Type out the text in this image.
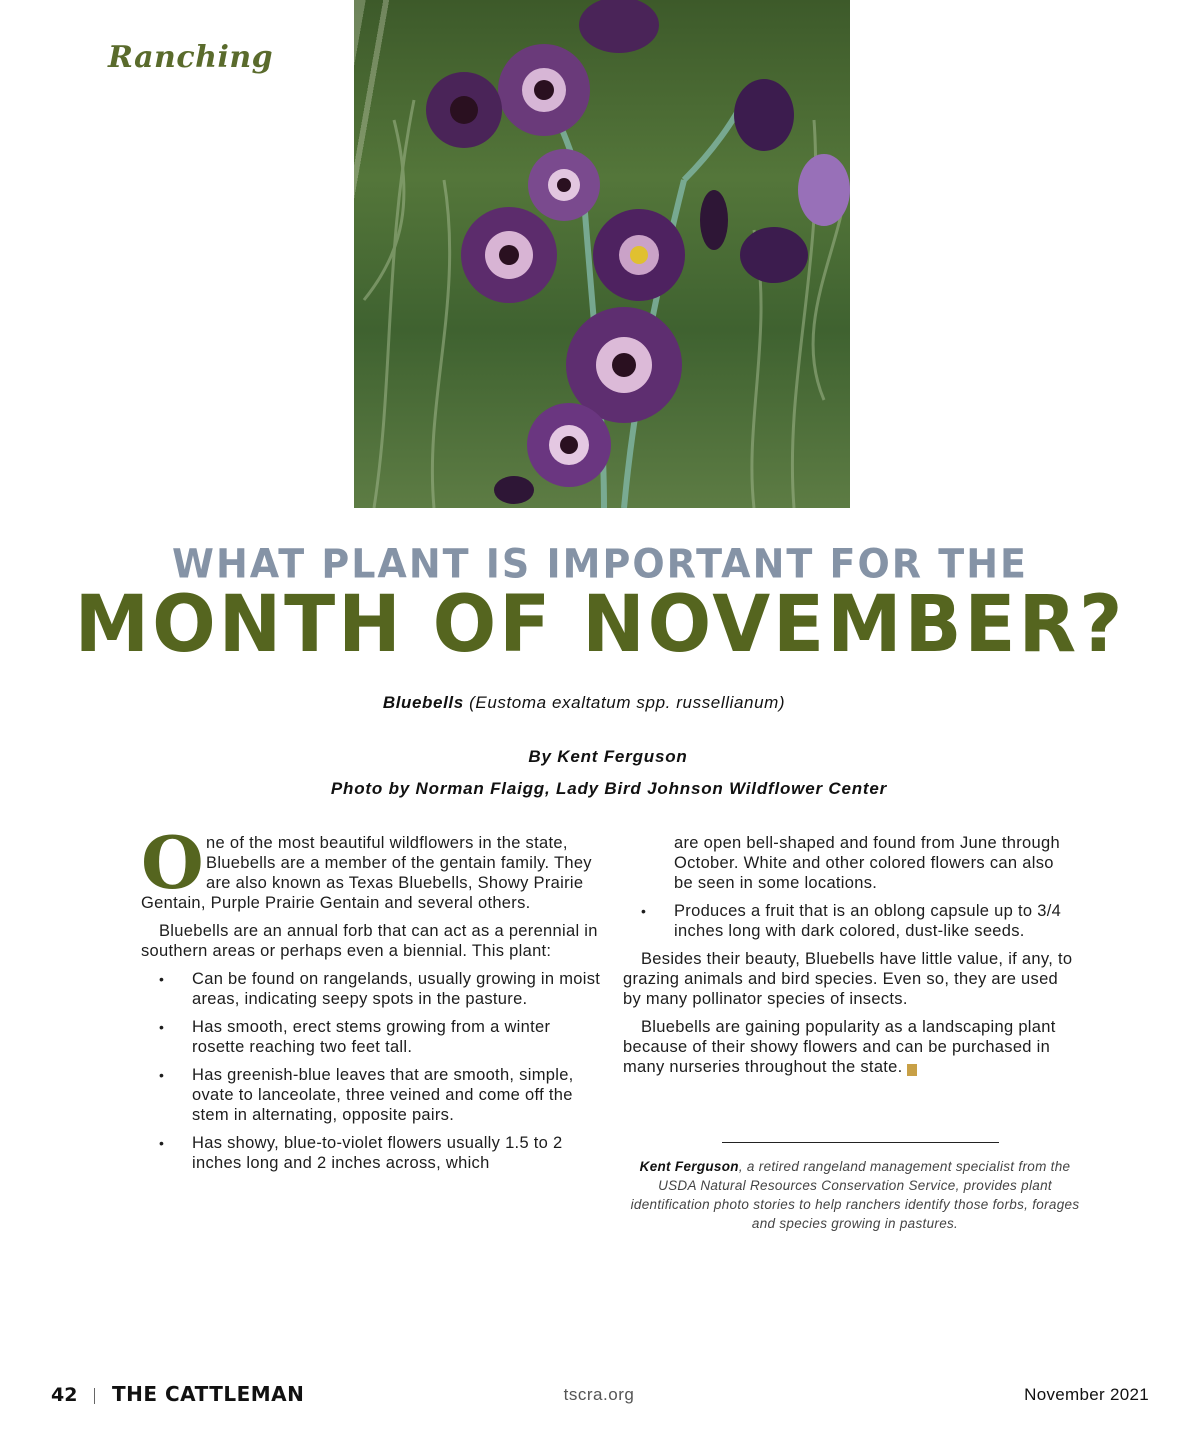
Ranching
WHAT PLANT IS IMPORTANT FOR THE
MONTH OF NOVEMBER?
Bluebells (Eustoma exaltatum spp. russellianum)
By Kent Ferguson
Photo by Norman Flaigg, Lady Bird Johnson Wildflower Center

One of the most beautiful wildflowers in the state, Bluebells are a member of the gentain family. They are also known as Texas Bluebells, Showy Prairie Gentain, Purple Prairie Gentain and several others.

Bluebells are an annual forb that can act as a perennial in southern areas or perhaps even a biennial. This plant:

• Can be found on rangelands, usually growing in moist areas, indicating seepy spots in the pasture.
• Has smooth, erect stems growing from a winter rosette reaching two feet tall.
• Has greenish-blue leaves that are smooth, simple, ovate to lanceolate, three veined and come off the stem in alternating, opposite pairs.
• Has showy, blue-to-violet flowers usually 1.5 to 2 inches long and 2 inches across, which
are open bell-shaped and found from June through October. White and other colored flowers can also be seen in some locations.
• Produces a fruit that is an oblong capsule up to 3/4 inches long with dark colored, dust-like seeds.

Besides their beauty, Bluebells have little value, if any, to grazing animals and bird species. Even so, they are used by many pollinator species of insects.

Bluebells are gaining popularity as a landscaping plant because of their showy flowers and can be purchased in many nurseries throughout the state. c

Kent Ferguson, a retired rangeland management specialist from the USDA Natural Resources Conservation Service, provides plant identification photo stories to help ranchers identify those forbs, forages and species growing in pastures.
42 THE CATTLEMAN	tscra.org	November 2021
